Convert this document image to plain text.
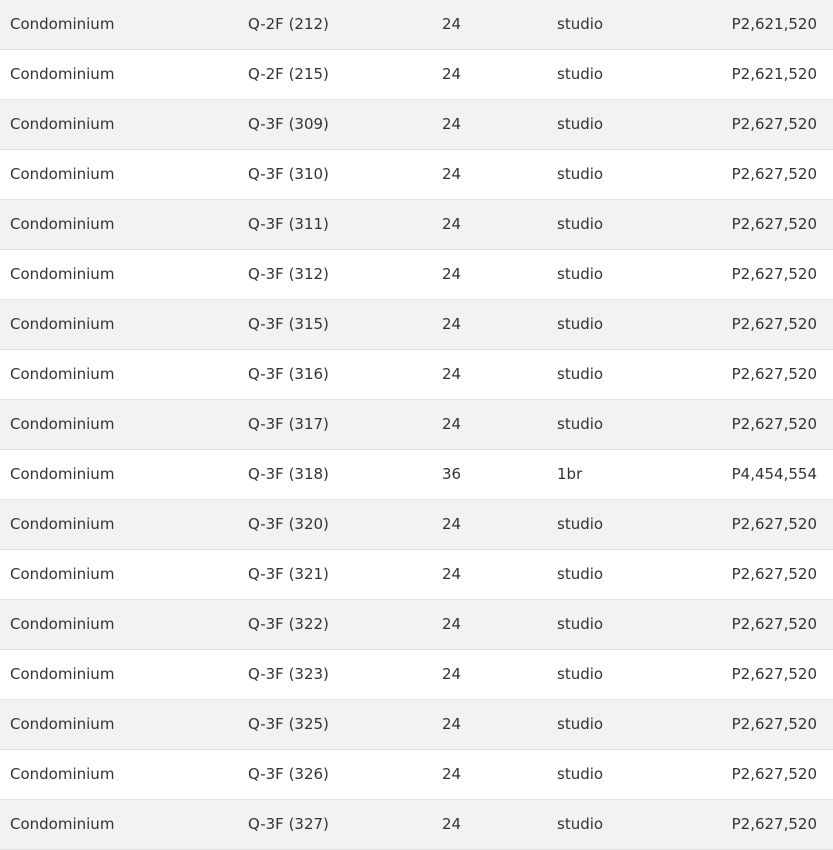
Condominium	Q-2F (212)	24	studio	P2,621,520
Condominium	Q-2F (215)	24	studio	P2,621,520
Condominium	Q-3F (309)	24	studio	P2,627,520
Condominium	Q-3F (310)	24	studio	P2,627,520
Condominium	Q-3F (311)	24	studio	P2,627,520
Condominium	Q-3F (312)	24	studio	P2,627,520
Condominium	Q-3F (315)	24	studio	P2,627,520
Condominium	Q-3F (316)	24	studio	P2,627,520
Condominium	Q-3F (317)	24	studio	P2,627,520
Condominium	Q-3F (318)	36	1br	P4,454,554
Condominium	Q-3F (320)	24	studio	P2,627,520
Condominium	Q-3F (321)	24	studio	P2,627,520
Condominium	Q-3F (322)	24	studio	P2,627,520
Condominium	Q-3F (323)	24	studio	P2,627,520
Condominium	Q-3F (325)	24	studio	P2,627,520
Condominium	Q-3F (326)	24	studio	P2,627,520
Condominium	Q-3F (327)	24	studio	P2,627,520
